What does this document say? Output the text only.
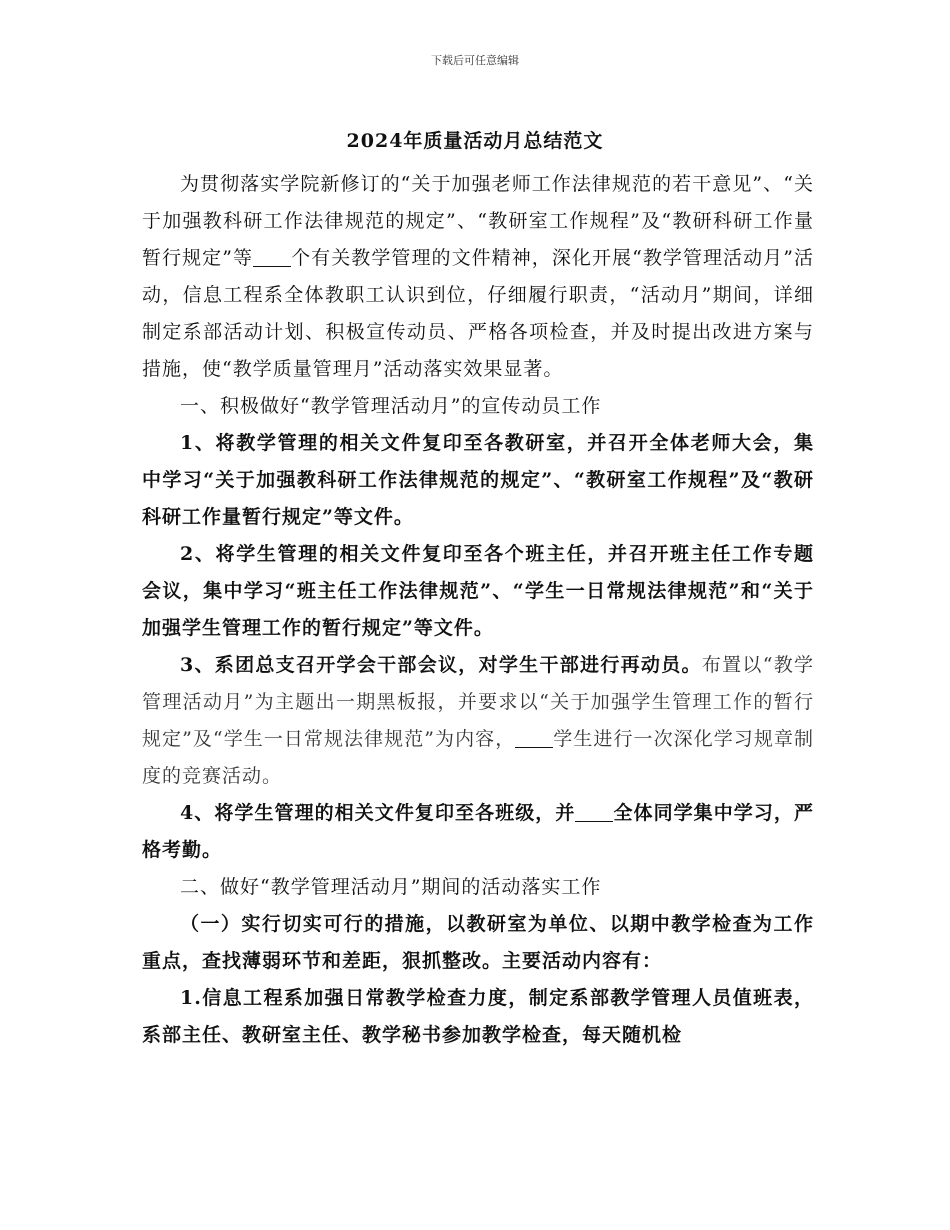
下载后可任意编辑
2024年质量活动月总结范文

为贯彻落实学院新修订的“关于加强老师工作法律规范的若干意见”、“关于加强教科研工作法律规范的规定”、“教研室工作规程”及“教研科研工作量暂行规定”等 个有关教学管理的文件精神，深化开展“教学管理活动月”活动，信息工程系全体教职工认识到位，仔细履行职责，“活动月”期间，详细制定系部活动计划、积极宣传动员、严格各项检查，并及时提出改进方案与措施，使“教学质量管理月”活动落实效果显著。

一、积极做好“教学管理活动月”的宣传动员工作

1、将教学管理的相关文件复印至各教研室，并召开全体老师大会，集中学习“关于加强教科研工作法律规范的规定”、“教研室工作规程”及“教研科研工作量暂行规定”等文件。

2、将学生管理的相关文件复印至各个班主任，并召开班主任工作专题会议，集中学习“班主任工作法律规范”、“学生一日常规法律规范”和“关于加强学生管理工作的暂行规定”等文件。

3、系团总支召开学会干部会议，对学生干部进行再动员。布置以“教学管理活动月”为主题出一期黑板报，并要求以“关于加强学生管理工作的暂行规定”及“学生一日常规法律规范”为内容， 学生进行一次深化学习规章制度的竞赛活动。

4、将学生管理的相关文件复印至各班级，并 全体同学集中学习，严格考勤。

二、做好“教学管理活动月”期间的活动落实工作

（一）实行切实可行的措施，以教研室为单位、以期中教学检查为工作重点，查找薄弱环节和差距，狠抓整改。主要活动内容有：

1.信息工程系加强日常教学检查力度，制定系部教学管理人员值班表，系部主任、教研室主任、教学秘书参加教学检查，每天随机检
